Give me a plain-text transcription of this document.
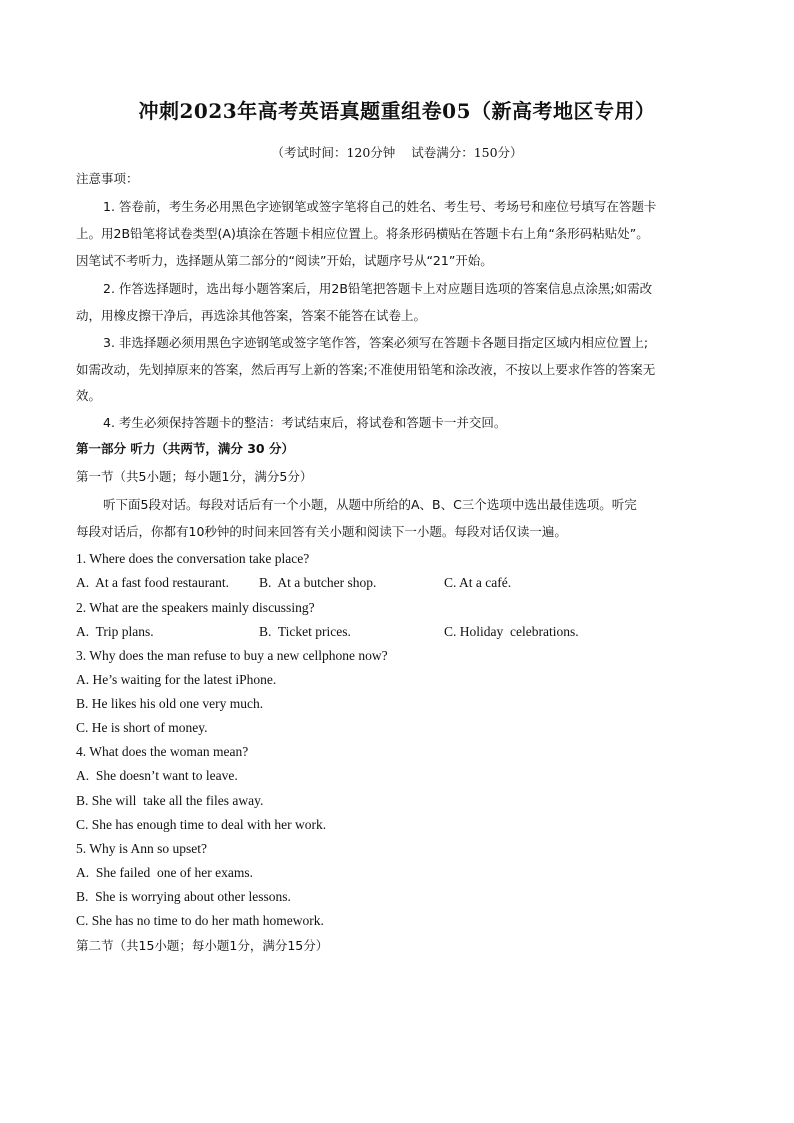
冲刺2023年高考英语真题重组卷05（新高考地区专用）
（考试时间：120分钟    试卷满分：150分）
注意事项：
1. 答卷前，考生务必用黑色字迹钢笔或签字笔将自己的姓名、考生号、考场号和座位号填写在答题卡
上。用2B铅笔将试卷类型(A)填涂在答题卡相应位置上。将条形码横贴在答题卡右上角“条形码粘贴处”。
因笔试不考听力，选择题从第二部分的“阅读”开始，试题序号从“21”开始。
2. 作答选择题时，选出每小题答案后，用2B铅笔把答题卡上对应题目选项的答案信息点涂黑;如需改
动，用橡皮擦干净后，再选涂其他答案，答案不能答在试卷上。
3. 非选择题必须用黑色字迹钢笔或签字笔作答，答案必须写在答题卡各题目指定区域内相应位置上;
如需改动，先划掉原来的答案，然后再写上新的答案;不准使用铅笔和涂改液，不按以上要求作答的答案无
效。
4. 考生必须保持答题卡的整洁：考试结束后，将试卷和答题卡一并交回。
第一部分 听力（共两节，满分 30 分）
第一节（共5小题；每小题1分，满分5分）
听下面5段对话。每段对话后有一个小题，从题中所给的A、B、C三个选项中选出最佳选项。听完
每段对话后，你都有10秒钟的时间来回答有关小题和阅读下一小题。每段对话仅读一遍。
1. Where does the conversation take place?
A.  At a fast food restaurant. B.  At a butcher shop.	C. At a café.
2. What are the speakers mainly discussing?
A.  Trip plans.	B.  Ticket prices.	C. Holiday  celebrations.
3. Why does the man refuse to buy a new cellphone now?
A. He’s waiting for the latest iPhone.
B. He likes his old one very much.
C. He is short of money.
4. What does the woman mean?
A.  She doesn’t want to leave.
B. She will  take all the files away.
C. She has enough time to deal with her work.
5. Why is Ann so upset?
A.  She failed  one of her exams.
B.  She is worrying about other lessons.
C. She has no time to do her math homework.
第二节（共15小题；每小题1分，满分15分）
